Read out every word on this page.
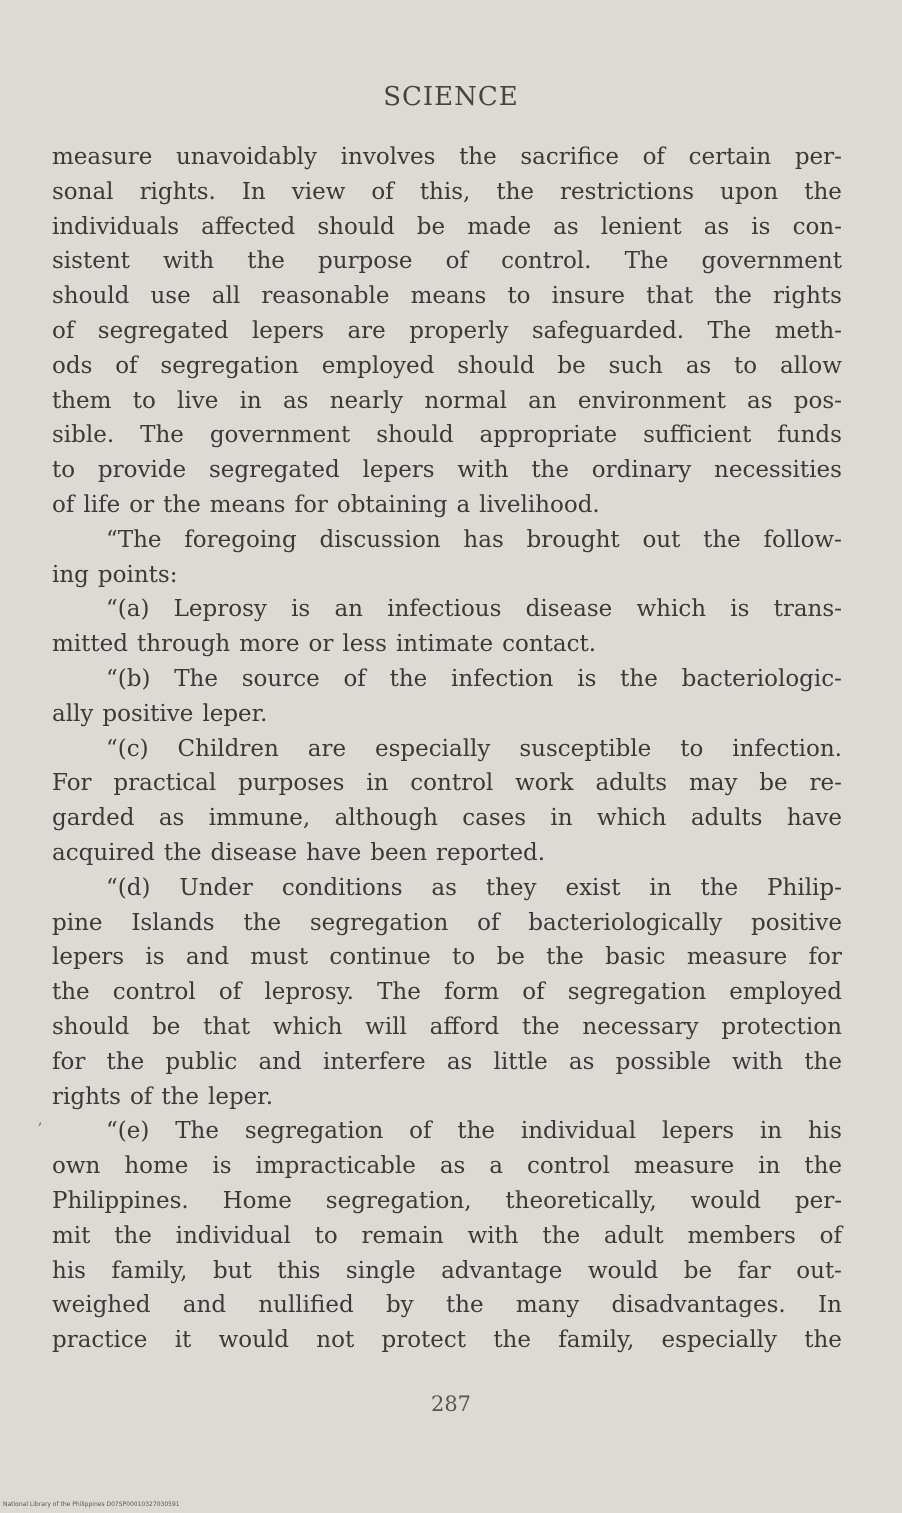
SCIENCE
measure unavoidably involves the sacrifice of certain per-
sonal rights. In view of this, the restrictions upon the
individuals affected should be made as lenient as is con-
sistent with the purpose of control. The government
should use all reasonable means to insure that the rights
of segregated lepers are properly safeguarded. The meth-
ods of segregation employed should be such as to allow
them to live in as nearly normal an environment as pos-
sible. The government should appropriate sufficient funds
to provide segregated lepers with the ordinary necessities
of life or the means for obtaining a livelihood.
“The foregoing discussion has brought out the follow-
ing points:
“(a) Leprosy is an infectious disease which is trans-
mitted through more or less intimate contact.
“(b) The source of the infection is the bacteriologic-
ally positive leper.
“(c) Children are especially susceptible to infection.
For practical purposes in control work adults may be re-
garded as immune, although cases in which adults have
acquired the disease have been reported.
“(d) Under conditions as they exist in the Philip-
pine Islands the segregation of bacteriologically positive
lepers is and must continue to be the basic measure for
the control of leprosy. The form of segregation employed
should be that which will afford the necessary protection
for the public and interfere as little as possible with the
rights of the leper.
“(e) The segregation of the individual lepers in his
own home is impracticable as a control measure in the
Philippines. Home segregation, theoretically, would per-
mit the individual to remain with the adult members of
his family, but this single advantage would be far out-
weighed and nullified by the many disadvantages. In
practice it would not protect the family, especially the
,
287
National Library of the Philippines D07SP00010327030591
